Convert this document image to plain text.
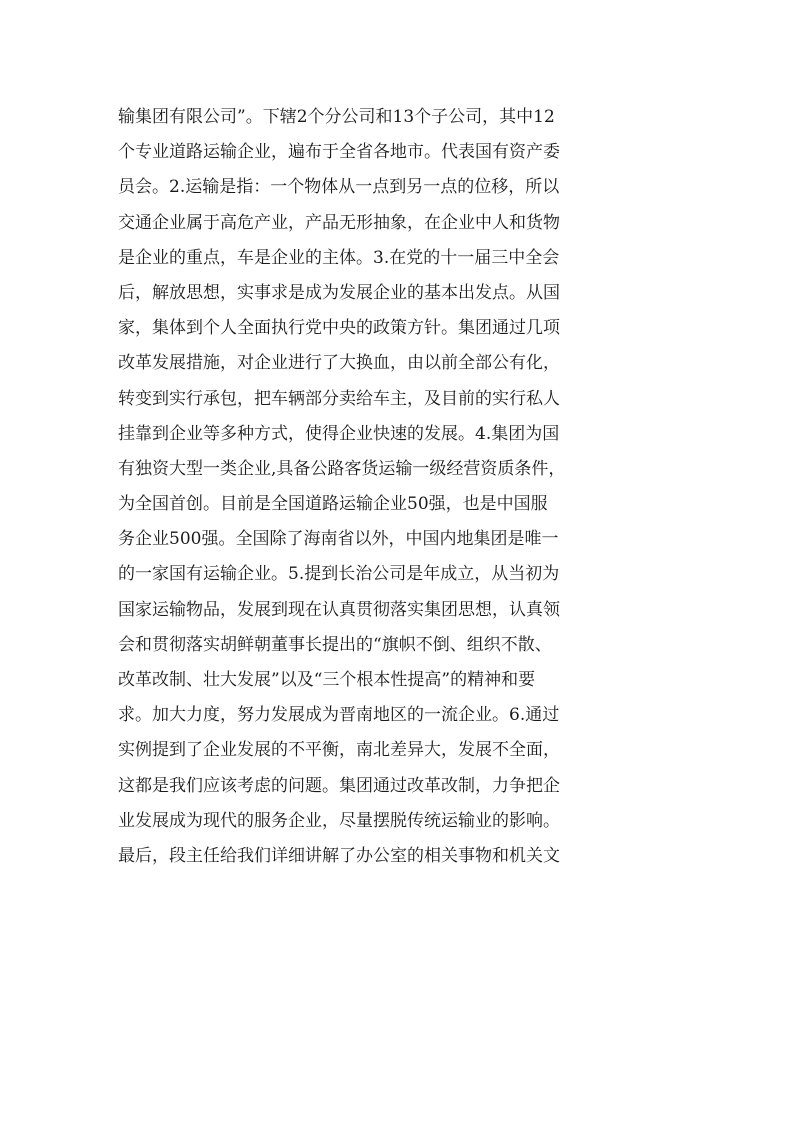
输集团有限公司”。下辖2个分公司和13个子公司，其中12
个专业道路运输企业，遍布于全省各地市。代表国有资产委
员会。2.运输是指：一个物体从一点到另一点的位移，所以
交通企业属于高危产业，产品无形抽象，在企业中人和货物
是企业的重点，车是企业的主体。3.在党的十一届三中全会
后，解放思想，实事求是成为发展企业的基本出发点。从国
家，集体到个人全面执行党中央的政策方针。集团通过几项
改革发展措施，对企业进行了大换血，由以前全部公有化，
转变到实行承包，把车辆部分卖给车主，及目前的实行私人
挂靠到企业等多种方式，使得企业快速的发展。4.集团为国
有独资大型一类企业,具备公路客货运输一级经营资质条件，
为全国首创。目前是全国道路运输企业50强，也是中国服
务企业500强。全国除了海南省以外，中国内地集团是唯一
的一家国有运输企业。5.提到长治公司是年成立，从当初为
国家运输物品，发展到现在认真贯彻落实集团思想，认真领
会和贯彻落实胡鲜朝董事长提出的“旗帜不倒、组织不散、
改革改制、壮大发展”以及“三个根本性提高”的精神和要
求。加大力度，努力发展成为晋南地区的一流企业。6.通过
实例提到了企业发展的不平衡，南北差异大，发展不全面，
这都是我们应该考虑的问题。集团通过改革改制，力争把企
业发展成为现代的服务企业，尽量摆脱传统运输业的影响。
最后，段主任给我们详细讲解了办公室的相关事物和机关文
